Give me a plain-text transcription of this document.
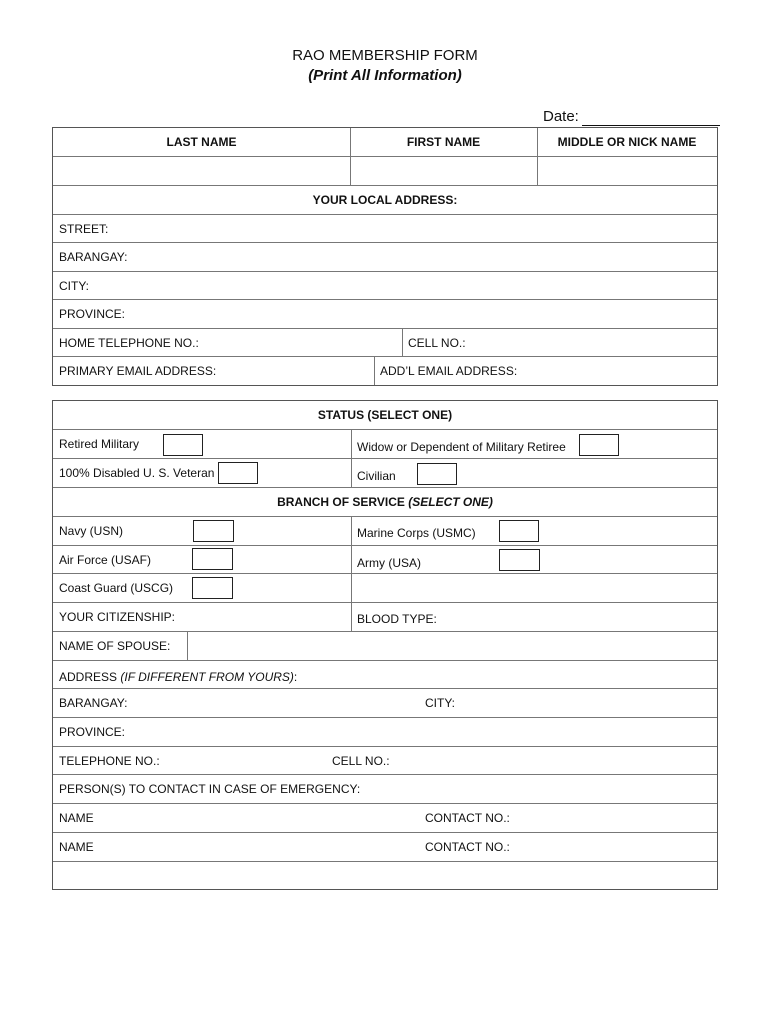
RAO MEMBERSHIP FORM
(Print All Information)
Date:
LAST NAME	FIRST NAME	MIDDLE OR NICK NAME
YOUR LOCAL ADDRESS:
STREET:
BARANGAY:
CITY:
PROVINCE:
HOME TELEPHONE NO.:	CELL NO.:
PRIMARY EMAIL ADDRESS:	ADD’L EMAIL ADDRESS:
STATUS (SELECT ONE)
Retired Military	Widow or Dependent of Military Retiree
100% Disabled U. S. Veteran	Civilian
BRANCH OF SERVICE (SELECT ONE)
Navy (USN)	Marine Corps (USMC)
Air Force (USAF)	Army (USA)
Coast Guard (USCG)
YOUR CITIZENSHIP:	BLOOD TYPE:
NAME OF SPOUSE:
ADDRESS (IF DIFFERENT FROM YOURS) :
BARANGAY:	CITY:
PROVINCE:
TELEPHONE NO.:	CELL NO.:
PERSON(S) TO CONTACT IN CASE OF EMERGENCY:
NAME	CONTACT NO.:
NAME	CONTACT NO.:
